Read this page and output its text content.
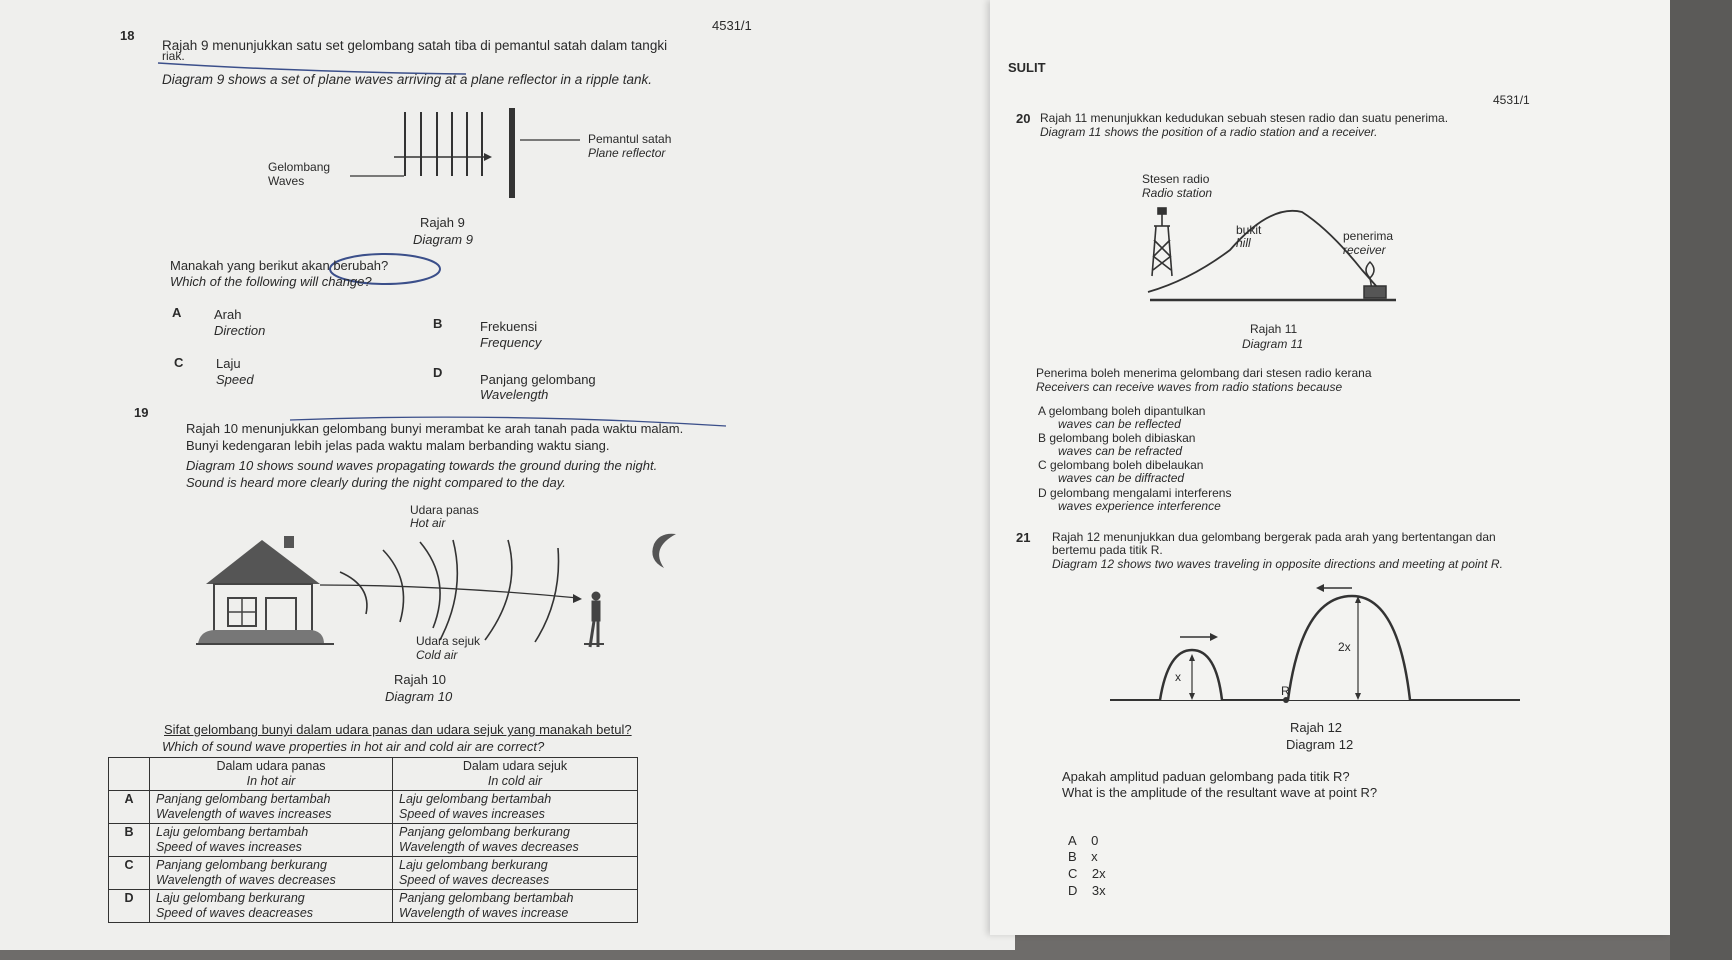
4531/1
18
Rajah 9 menunjukkan satu set gelombang satah tiba di pemantul satah dalam tangki
riak.
Diagram 9 shows a set of plane waves arriving at a plane reflector in a ripple tank.
Pemantul satah
Plane reflector
Gelombang
Waves
Rajah 9
Diagram 9
Manakah yang berikut akan berubah?
Which of the following will change?
A	Arah
Direction	B	Frekuensi
Frequency
C	Laju
Speed	D	Panjang gelombang
Wavelength
19
Rajah 10 menunjukkan gelombang bunyi merambat ke arah tanah pada waktu malam.
Bunyi kedengaran lebih jelas pada waktu malam berbanding waktu siang.
Diagram 10 shows sound waves propagating towards the ground during the night.
Sound is heard more clearly during the night compared to the day.
Udara panas
Hot air
Udara sejuk
Cold air
Rajah 10
Diagram 10
Sifat gelombang bunyi dalam udara panas dan udara sejuk yang manakah betul?
Which of sound wave properties in hot air and cold air are correct?
	Dalam udara panas
In hot air	Dalam udara sejuk
In cold air
A	Panjang gelombang bertambah
Wavelength of waves increases	Laju gelombang bertambah
Speed of waves increases
B	Laju gelombang bertambah
Speed of waves increases	Panjang gelombang berkurang
Wavelength of waves decreases
C	Panjang gelombang berkurang
Wavelength of waves decreases	Laju gelombang berkurang
Speed of waves decreases
D	Laju gelombang berkurang
Speed of waves deacreases	Panjang gelombang bertambah
Wavelength of waves increase
SULIT
4531/1
20 Rajah 11 menunjukkan kedudukan sebuah stesen radio dan suatu penerima.
Diagram 11 shows the position of a radio station and a receiver.
Stesen radio
Radio station
bukit
hill	penerima
receiver
Rajah 11
Diagram 11
Penerima boleh menerima gelombang dari stesen radio kerana
Receivers can receive waves from radio stations because
A gelombang boleh dipantulkan
waves can be reflected
B gelombang boleh dibiaskan
waves can be refracted
C gelombang boleh dibelaukan
waves can be diffracted
D gelombang mengalami interferens
waves experience interference
21 Rajah 12 menunjukkan dua gelombang bergerak pada arah yang bertentangan dan
bertemu pada titik R.
Diagram 12 shows two waves traveling in opposite directions and meeting at point R.
2x
x
R
Rajah 12
Diagram 12
Apakah amplitud paduan gelombang pada titik R?
What is the amplitude of the resultant wave at point R?
A 0
B x
C 2x
D 3x
